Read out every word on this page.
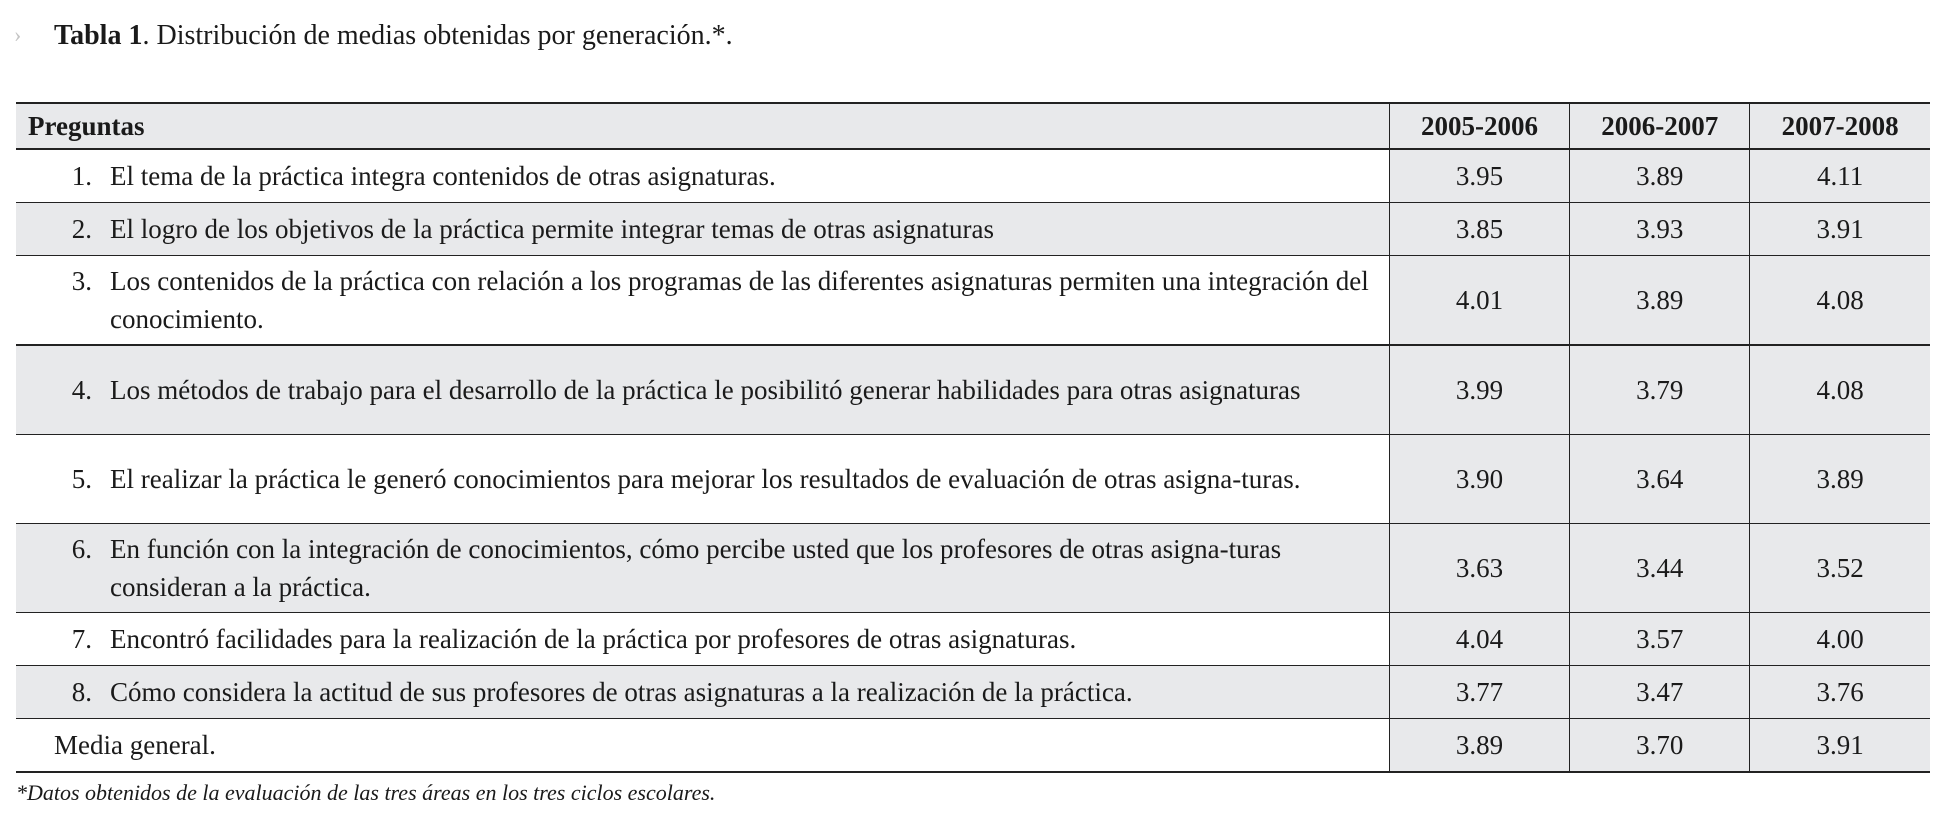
› Tabla 1. Distribución de medias obtenidas por generación.*.
Preguntas	2005-2006	2006-2007	2007-2008

1. El tema de la práctica integra contenidos de otras asignaturas.	3.95	3.89	4.11

2. El logro de los objetivos de la práctica permite integrar temas de otras asignaturas	3.85	3.93	3.91

3. Los contenidos de la práctica con relación a los programas de las diferentes asignaturas permiten una integración del conocimiento.	4.01	3.89	4.08

4. Los métodos de trabajo para el desarrollo de la práctica le posibilitó generar habilidades para otras asignaturas	3.99	3.79	4.08

5. El realizar la práctica le generó conocimientos para mejorar los resultados de evaluación de otras asigna-turas.	3.90	3.64	3.89

6. En función con la integración de conocimientos, cómo percibe usted que los profesores de otras asigna-turas consideran a la práctica.	3.63	3.44	3.52

7. Encontró facilidades para la realización de la práctica por profesores de otras asignaturas.	4.04	3.57	4.00

8. Cómo considera la actitud de sus profesores de otras asignaturas a la realización de la práctica.	3.77	3.47	3.76
Media general.	3.89	3.70	3.91
*Datos obtenidos de la evaluación de las tres áreas en los tres ciclos escolares.
